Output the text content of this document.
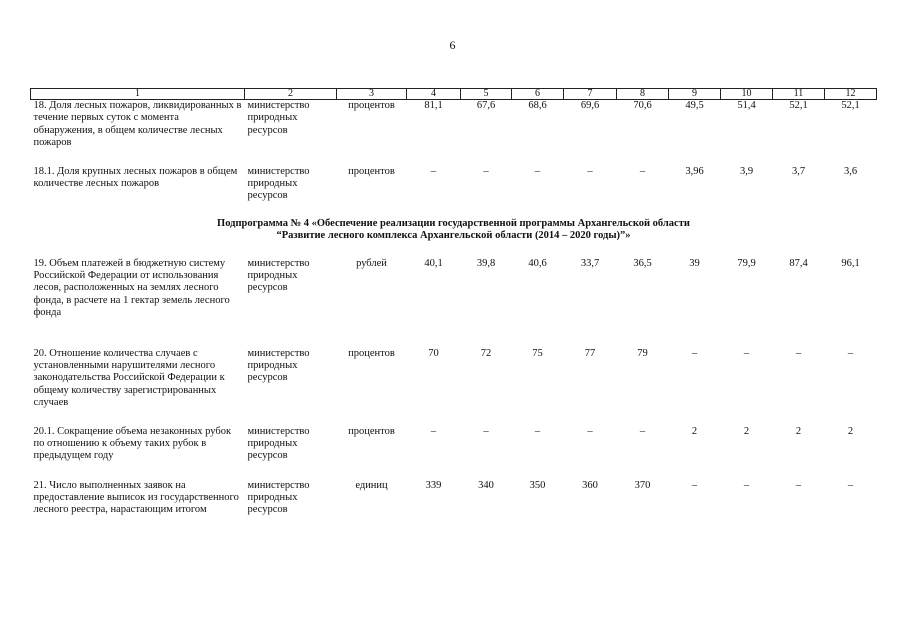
6
1	2	3	4	5	6	7	8	9	10	11	12
18. Доля лесных пожаров, ликвидированных в течение первых суток с момента обнаружения, в общем количестве лесных пожаров	министерство природных ресурсов	процентов	81,1	67,6	68,6	69,6	70,6	49,5	51,4	52,1	52,1
18.1. Доля крупных лесных пожаров в общем количестве лесных пожаров	министерство природных ресурсов	процентов	–	–	–	–	–	3,96	3,9	3,7	3,6

Подпрограмма № 4 «Обеспечение реализации государственной программы Архангельской области
“Развитие лесного комплекса Архангельской области (2014 – 2020 годы)”»											

19. Объем платежей в бюджетную систему Российской Федерации от использования лесов, расположенных на землях лесного фонда, в расчете на 1 гектар земель лесного фонда	министерство природных ресурсов	рублей	40,1	39,8	40,6	33,7	36,5	39	79,9	87,4	96,1
20. Отношение количества случаев с установленными нарушителями лесного законодательства Российской Федерации к общему количеству зарегистрированных случаев	министерство природных ресурсов	процентов	70	72	75	77	79	–	–	–	–
20.1. Сокращение объема незаконных рубок по отношению к объему таких рубок в предыдущем году	министерство природных ресурсов	процентов	–	–	–	–	–	2	2	2	2
21. Число выполненных заявок на предоставление выписок из государственного лесного реестра, нарастающим итогом	министерство природных ресурсов	единиц	339	340	350	360	370	–	–	–	–
